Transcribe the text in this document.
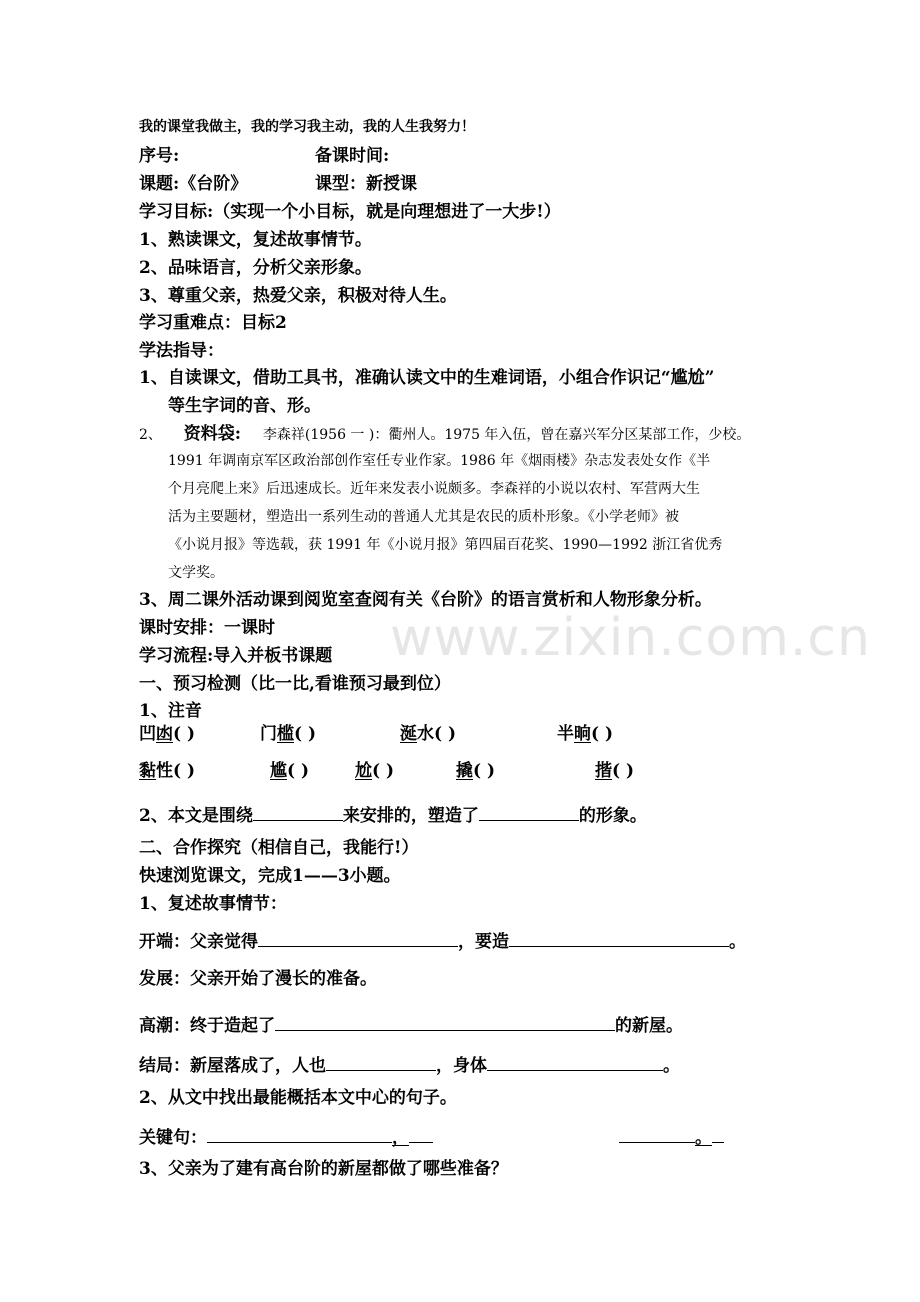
www.zixin.com.cn
我的课堂我做主，我的学习我主动，我的人生我努力！
序号:	备课时间:
课题:《台阶》	课型：新授课
学习目标:（实现一个小目标，就是向理想进了一大步!）
1、熟读课文，复述故事情节。
2、品味语言，分析父亲形象。
3、尊重父亲，热爱父亲，积极对待人生。
学习重难点：目标2
学法指导：
1、自读课文，借助工具书，准确认读文中的生难词语，小组合作识记“尴尬”
等生字词的音、形。
2、 资料袋: 李森祥(1956 一 )：衢州人。1975 年入伍，曾在嘉兴军分区某部工作，少校。
1991 年调南京军区政治部创作室任专业作家。1986 年《烟雨楼》杂志发表处女作《半
个月亮爬上来》后迅速成长。近年来发表小说颇多。李森祥的小说以农村、军营两大生
活为主要题材，塑造出一系列生动的普通人尤其是农民的质朴形象。《小学老师》被
《小说月报》等选载，获 1991 年《小说月报》第四届百花奖、1990—1992 浙江省优秀
文学奖。
3、周二课外活动课到阅览室查阅有关《台阶》的语言赏析和人物形象分析。
课时安排：一课时
学习流程:导入并板书课题
一、预习检测（比一比,看谁预习最到位）
1、注音
凹凼( )	门槛( )	涎水( )	半晌( )
黏性( )	尴( )	尬( )	撬( )	揩( )
2、本文是围绕	来安排的，塑造了	的形象。
二、合作探究（相信自己，我能行!）
快速浏览课文，完成1——3小题。
1、复述故事情节：
开端：父亲觉得	，要造	。
发展：父亲开始了漫长的准备。
高潮：终于造起了	的新屋。
结局：新屋落成了，人也	，身体	。
2、从文中找出最能概括本文中心的句子。
关键句：	，	。
3、父亲为了建有高台阶的新屋都做了哪些准备？
